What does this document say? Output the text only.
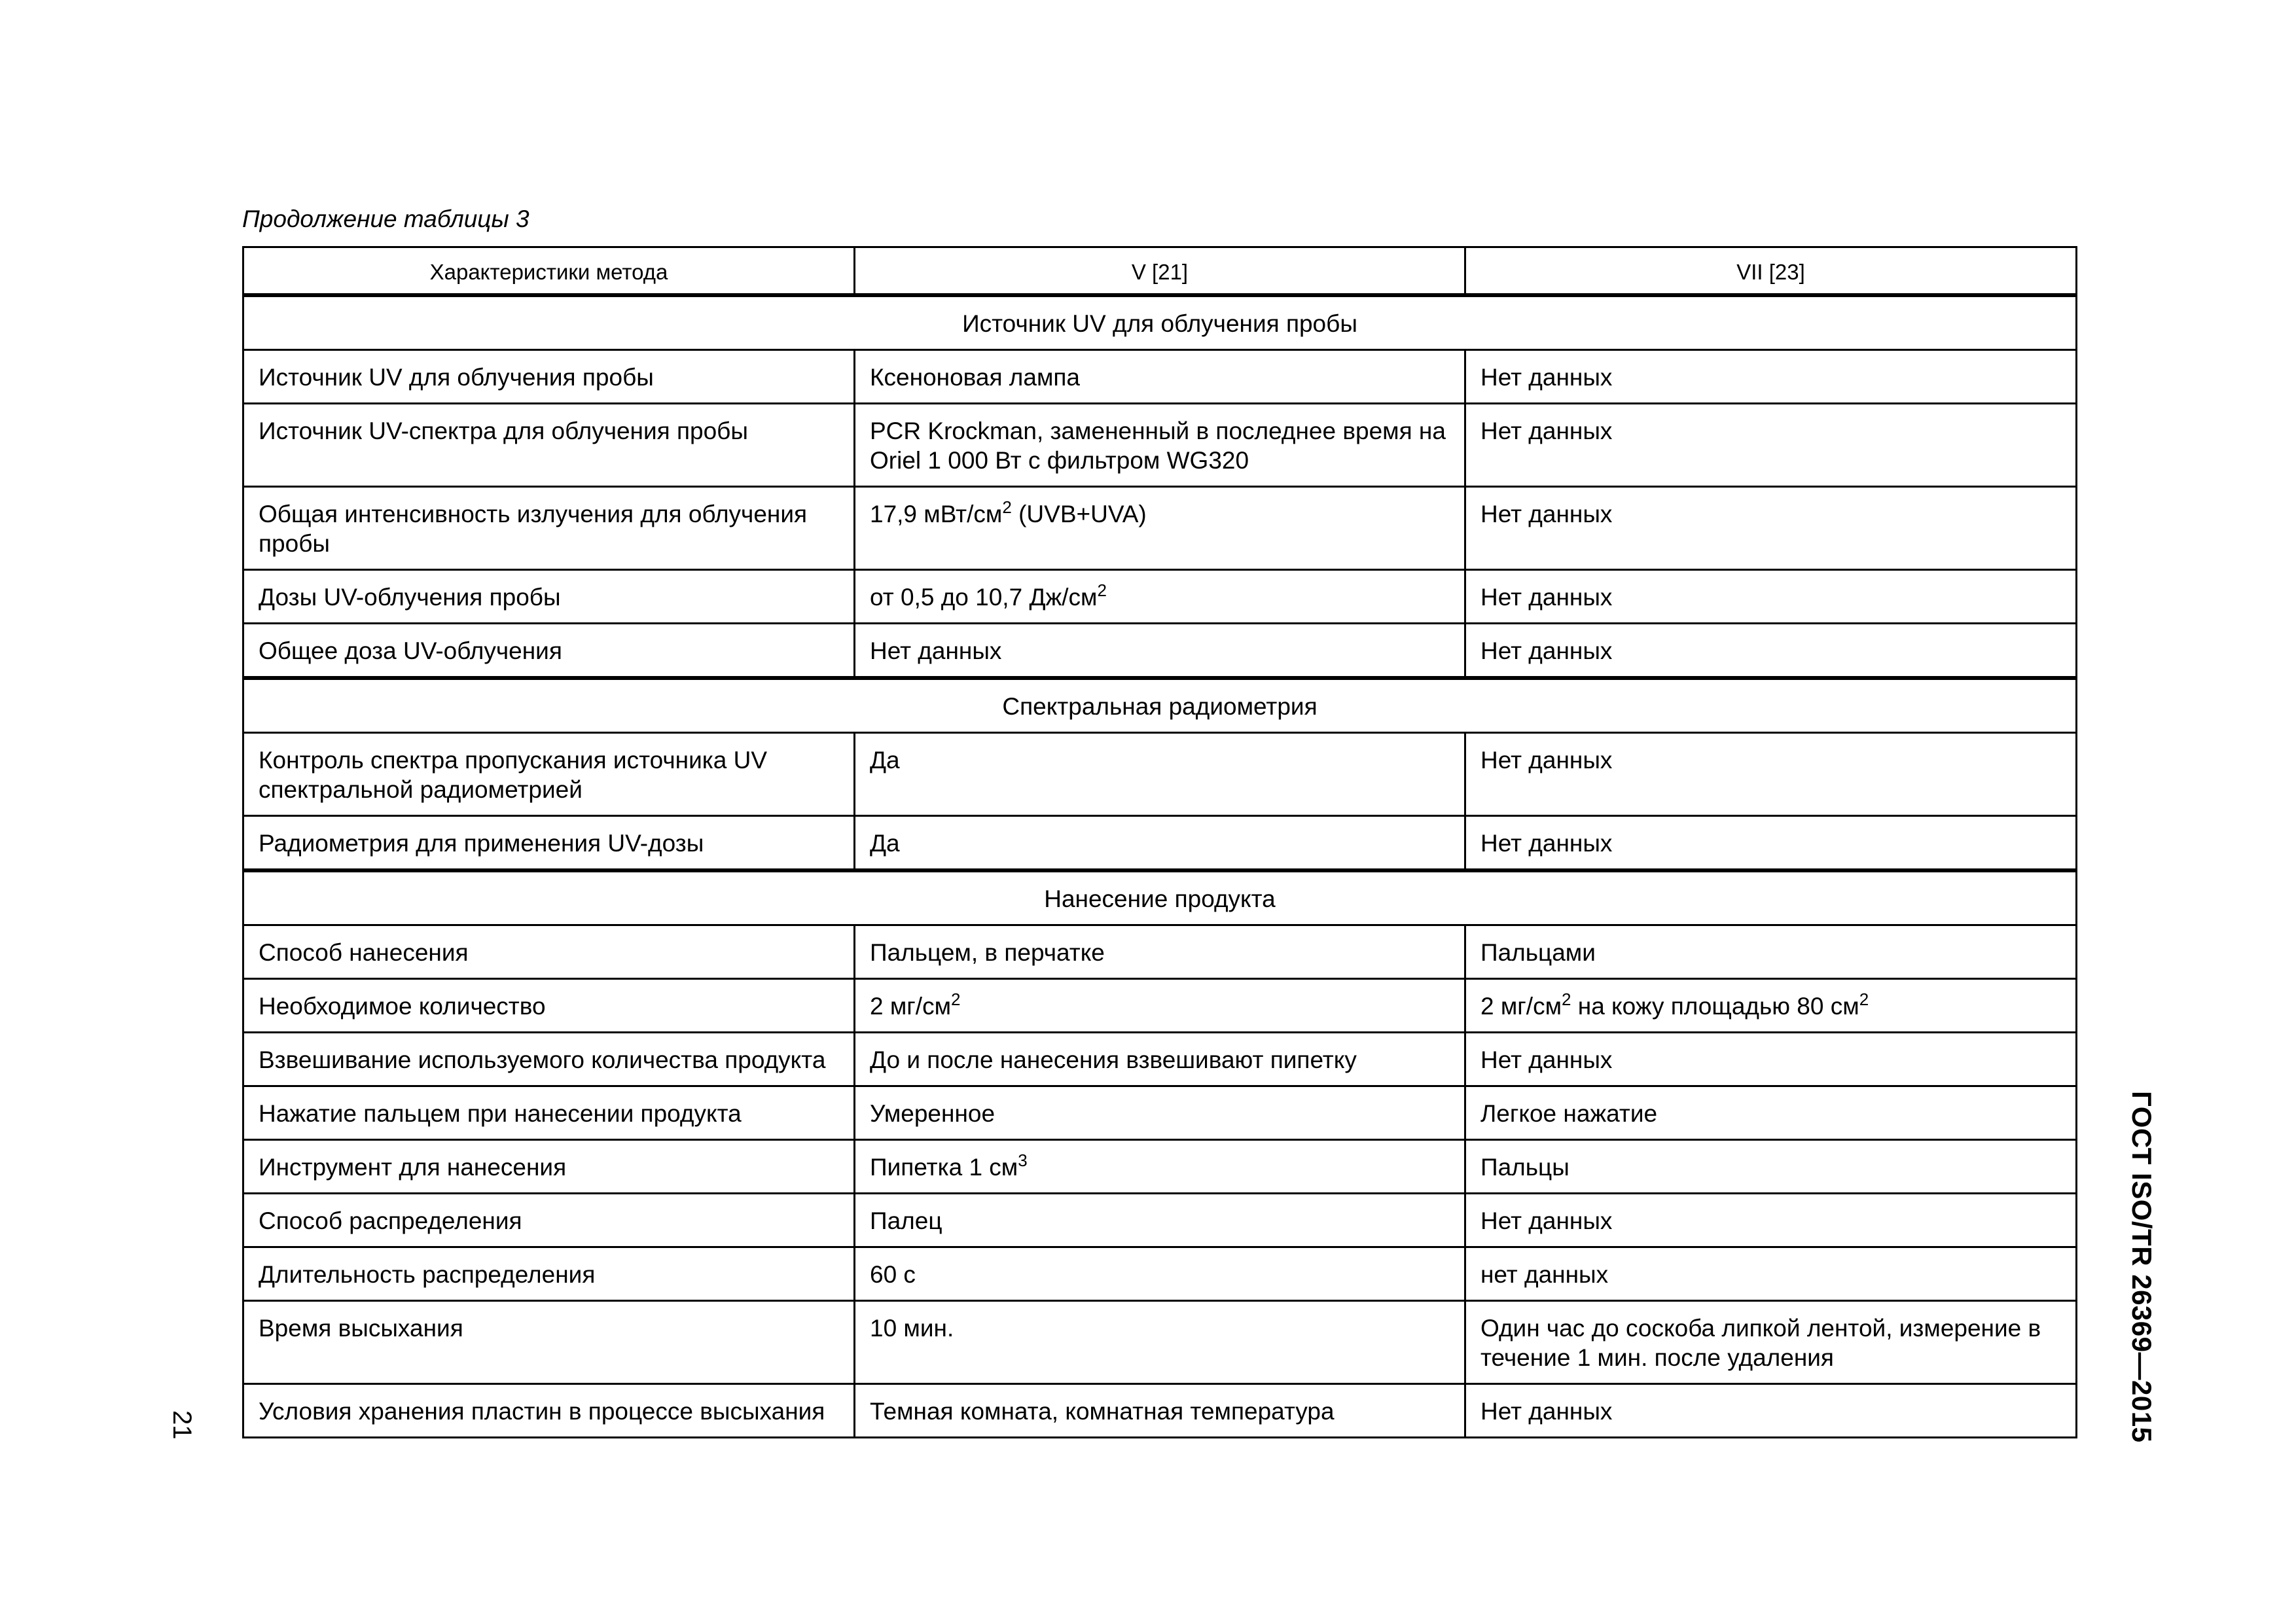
Продолжение таблицы 3
Характеристики метода	V [21]	VII [23]
Источник UV для облучения пробы		
Источник UV для облучения пробы	Ксеноновая лампа	Нет данных
Источник UV-спектра для облучения пробы	PCR Krockman, замененный в последнее время на Oriel 1 000 Вт с фильтром WG320	Нет данных
Общая интенсивность излучения для облучения пробы	17,9 мВт/$см^2$ (UVB+UVA)	Нет данных
Дозы UV-облучения пробы	от 0,5 до 10,7 $Дж/см^2$	Нет данных
Общее доза UV-облучения	Нет данных	Нет данных
Спектральная радиометрия		
Контроль спектра пропускания источника UV спектральной радиометрией	Да	Нет данных
Радиометрия для применения UV-дозы	Да	Нет данных
Нанесение продукта		
Способ нанесения	Пальцем, в перчатке	Пальцами
Необходимое количество	2 $мг/см^2$	2 $мг/см^2$ на кожу площадью 80 $см^2$
Взвешивание используемого количества продукта	До и после нанесения взвешивают пипетку	Нет данных
Нажатие пальцем при нанесении продукта	Умеренное	Легкое нажатие
Инструмент для нанесения	Пипетка 1 $см^3$	Пальцы
Способ распределения	Палец	Нет данных
Длительность распределения	60 с	нет данных
Время высыхания	10 мин.	Один час до соскоба липкой лентой, измерение в течение 1 мин. после удаления
Условия хранения пластин в процессе высыхания	Темная комната, комнатная температура	Нет данных
21	ГОСТ ISO/TR 26369—2015
